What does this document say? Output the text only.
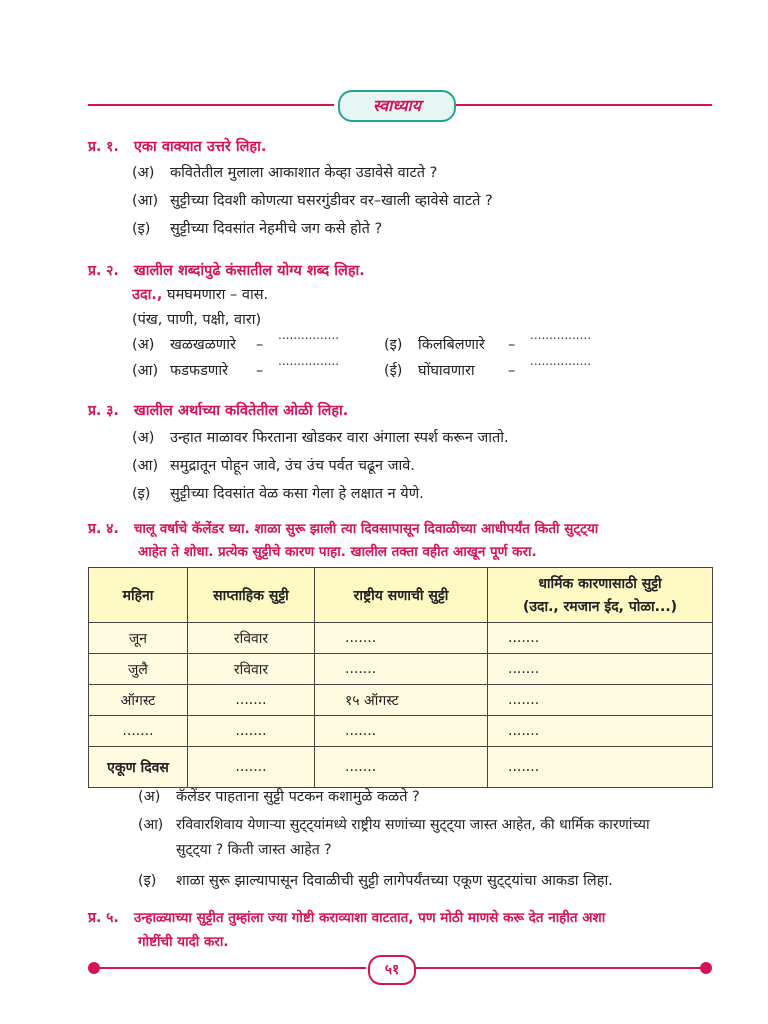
स्वाध्याय
प्र. १. एका वाक्यात उत्तरे लिहा.
(अ) कवितेतील मुलाला आकाशात केव्हा उडावेसे वाटते ?
(आ) सुट्टीच्या दिवशी कोणत्या घसरगुंडीवर वर–खाली व्हावेसे वाटते ?
(इ) सुट्टीच्या दिवसांत नेहमीचे जग कसे होते ?
प्र. २. खालील शब्दांपुढे कंसातील योग्य शब्द लिहा.
उदा., घमघमणारा – वास.
(पंख, पाणी, पक्षी, वारा)
(अ) खळखळणारे –................
(इ) किलबिलणारे –................
(आ) फडफडणारे –................
(ई) घोंघावणारा –................
प्र. ३. खालील अर्थाच्या कवितेतील ओळी लिहा.
(अ) उन्हात माळावर फिरताना खोडकर वारा अंगाला स्पर्श करून जातो.
(आ) समुद्रातून पोहून जावे, उंच उंच पर्वत चढून जावे.
(इ) सुट्टीच्या दिवसांत वेळ कसा गेला हे लक्षात न येणे.
प्र. ४. चालू वर्षाचे कॅलेंडर घ्या. शाळा सुरू झाली त्या दिवसापासून दिवाळीच्या आधीपर्यंत किती सुट्ट्या
आहेत ते शोधा. प्रत्येक सुट्टीचे कारण पाहा. खालील तक्ता वहीत आखून पूर्ण करा.
महिना	साप्ताहिक सुट्टी	राष्ट्रीय सणाची सुट्टी	धार्मिक कारणासाठी सुट्टी
(उदा., रमजान ईद, पोळा...)

जून	रविवार	.......	.......
जुलै	रविवार	.......	.......
ऑगस्ट	.......	१५ ऑगस्ट	.......
.......	.......	.......	.......
एकूण दिवस	.......	.......	.......
(अ) कॅलेंडर पाहताना सुट्टी पटकन कशामुळे कळते ?
(आ) रविवारशिवाय येणाऱ्या सुट्ट्यांमध्ये राष्ट्रीय सणांच्या सुट्ट्या जास्त आहेत, की धार्मिक कारणांच्या
सुट्ट्या ? किती जास्त आहेत ?
(इ) शाळा सुरू झाल्यापासून दिवाळीची सुट्टी लागेपर्यंतच्या एकूण सुट्ट्यांचा आकडा लिहा.
प्र. ५. उन्हाळ्याच्या सुट्टीत तुम्हांला ज्या गोष्टी कराव्याशा वाटतात, पण मोठी माणसे करू देत नाहीत अशा
गोष्टींची यादी करा.
५१
